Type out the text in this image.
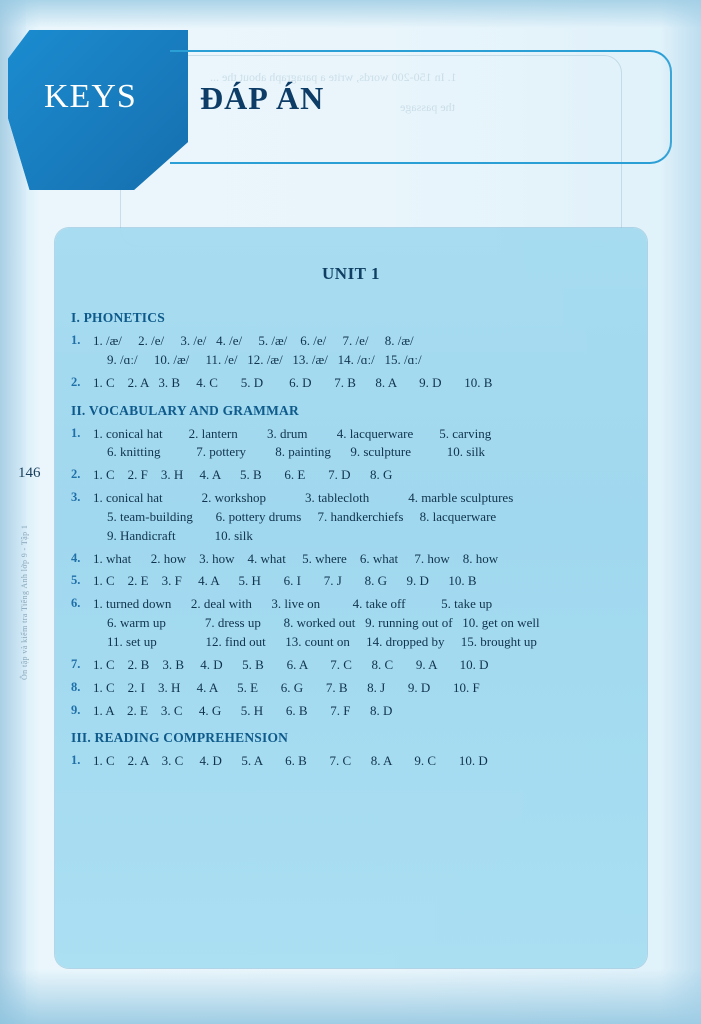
Ôn tập và kiểm tra Tiếng Anh lớp 9 - Tập 1
1. In 150-200 words, write a paragraph about the ...
the passage
KEYS ĐÁP ÁN
146
UNIT 1
I. PHONETICS
1. 1. /æ/     2. /e/     3. /e/   4. /e/     5. /æ/    6. /e/     7. /e/     8. /æ/
9. /ɑː/     10. /æ/     11. /e/   12. /æ/   13. /æ/   14. /ɑː/   15. /ɑː/
2. 1. C    2. A   3. B     4. C       5. D        6. D       7. B      8. A       9. D       10. B
II. VOCABULARY AND GRAMMAR
1. 1. conical hat        2. lantern         3. drum         4. lacquerware        5. carving
6. knitting           7. pottery         8. painting      9. sculpture           10. silk
2. 1. C    2. F    3. H     4. A      5. B       6. E       7. D      8. G
3. 1. conical hat            2. workshop            3. tablecloth            4. marble sculptures
5. team-building       6. pottery drums     7. handkerchiefs     8. lacquerware
9. Handicraft            10. silk
4. 1. what      2. how    3. how    4. what     5. where    6. what     7. how    8. how
5. 1. C    2. E    3. F     4. A      5. H       6. I       7. J       8. G      9. D      10. B
6. 1. turned down      2. deal with      3. live on          4. take off           5. take up
6. warm up            7. dress up       8. worked out   9. running out of   10. get on well
11. set up               12. find out      13. count on     14. dropped by     15. brought up
7. 1. C    2. B    3. B     4. D      5. B       6. A       7. C      8. C       9. A       10. D
8. 1. C    2. I    3. H     4. A      5. E       6. G       7. B      8. J       9. D       10. F
9. 1. A    2. E    3. C     4. G      5. H       6. B       7. F      8. D
III. READING COMPREHENSION
1. 1. C    2. A    3. C     4. D      5. A       6. B       7. C      8. A       9. C       10. D
